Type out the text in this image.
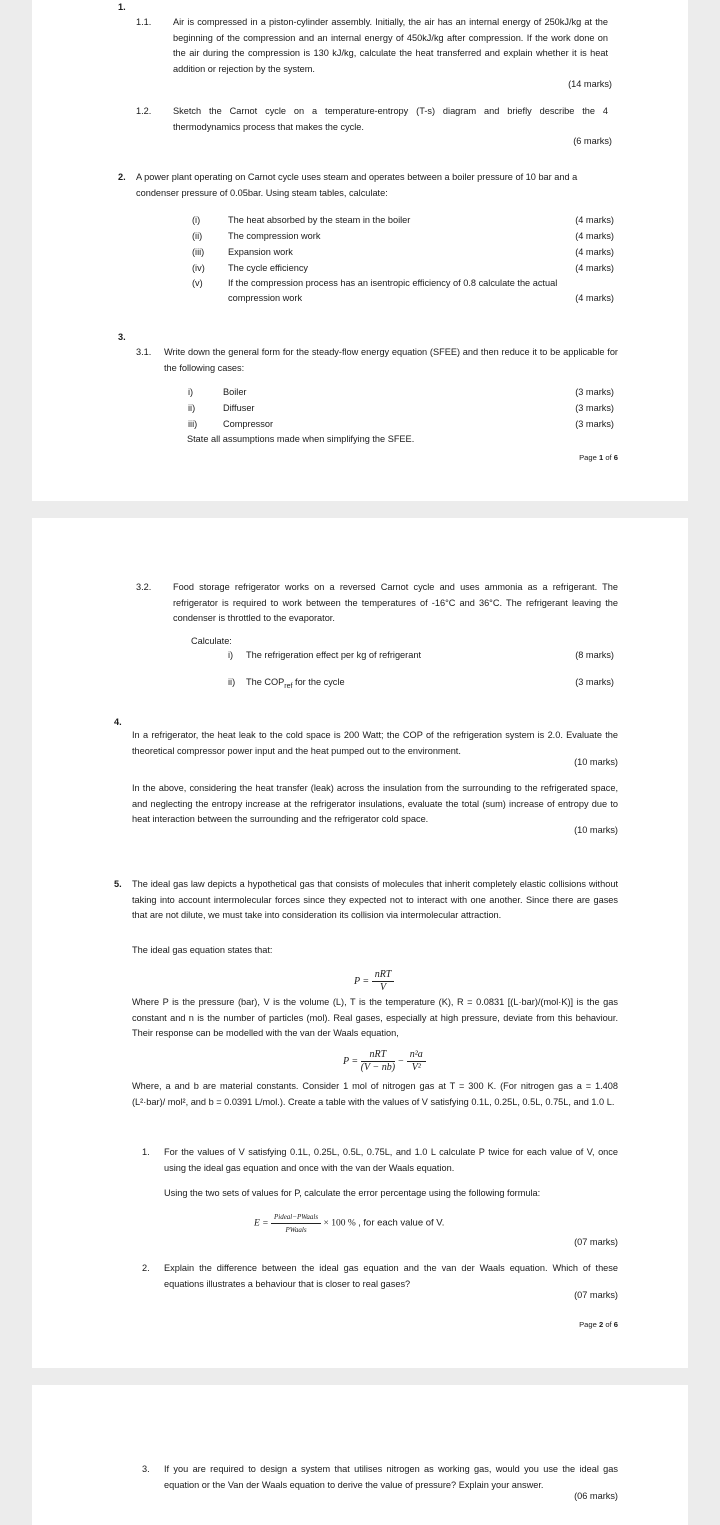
1.
1.1. Air is compressed in a piston-cylinder assembly. Initially, the air has an internal energy of 250kJ/kg at the beginning of the compression and an internal energy of 450kJ/kg after compression. If the work done on the air during the compression is 130 kJ/kg, calculate the heat transferred and explain whether it is heat addition or rejection by the system.
(14 marks)
1.2. Sketch the Carnot cycle on a temperature-entropy (T-s) diagram and briefly describe the 4 thermodynamics process that makes the cycle.
(6 marks)
2. A power plant operating on Carnot cycle uses steam and operates between a boiler pressure of 10 bar and a condenser pressure of 0.05bar. Using steam tables, calculate:
(i)	The heat absorbed by the steam in the boiler	(4 marks)
(ii)	The compression work	(4 marks)
(iii)	Expansion work	(4 marks)
(iv)	The cycle efficiency	(4 marks)
(v)	If the compression process has an isentropic efficiency of 0.8 calculate the actual
compression work	(4 marks)
3.
3.1. Write down the general form for the steady-flow energy equation (SFEE) and then reduce it to be applicable for the following cases:
i)	Boiler	(3 marks)
ii)	Diffuser	(3 marks)
iii)	Compressor	(3 marks)
State all assumptions made when simplifying the SFEE.
Page 1 of 6
3.2. Food storage refrigerator works on a reversed Carnot cycle and uses ammonia as a refrigerant. The refrigerator is required to work between the temperatures of -16°C and 36°C. The refrigerant leaving the condenser is throttled to the evaporator.
Calculate:
i) The refrigeration effect per kg of refrigerant	(8 marks)
ii) The $COP_{ref}$ for the cycle	(3 marks)
4.
In a refrigerator, the heat leak to the cold space is 200 Watt; the COP of the refrigeration system is 2.0. Evaluate the theoretical compressor power input and the heat pumped out to the environment.
(10 marks)
In the above, considering the heat transfer (leak) across the insulation from the surrounding to the refrigerated space, and neglecting the entropy increase at the refrigerator insulations, evaluate the total (sum) increase of entropy due to heat interaction between the surrounding and the refrigerator cold space.
(10 marks)
5. The ideal gas law depicts a hypothetical gas that consists of molecules that inherit completely elastic collisions without taking into account intermolecular forces since they expected not to interact with one another. Since there are gases that are not dilute, we must take into consideration its collision via intermolecular attraction.
The ideal gas equation states that:
$P = \frac{\text{nRT}}{V}$
Where P is the pressure (bar), V is the volume (L), T is the temperature (K), R = 0.0831 [(L·bar)/(mol·K)] is the gas constant and n is the number of particles (mol). Real gases, especially at high pressure, deviate from this behaviour. Their response can be modelled with the van der Waals equation,
$P = \frac{\text{nRT}}{(V - nb)} - \frac{\text{n²a}}{\text{V²}}$
Where, a and b are material constants. Consider 1 mol of nitrogen gas at T = 300 K. (For nitrogen gas a = 1.408 (L²·bar)/ mol², and b = 0.0391 L/mol.). Create a table with the values of V satisfying 0.1L, 0.25L, 0.5L, 0.75L, and 1.0 L.
1. For the values of V satisfying 0.1L, 0.25L, 0.5L, 0.75L, and 1.0 L calculate P twice for each value of V, once using the ideal gas equation and once with the van der Waals equation.
Using the two sets of values for P, calculate the error percentage using the following formula:
$E = \frac{\text{Pideal−PWaals}}{\text{PWaals}} \times 100$ % , for each value of V.
(07 marks)
2. Explain the difference between the ideal gas equation and the van der Waals equation. Which of these equations illustrates a behaviour that is closer to real gases?
(07 marks)
Page 2 of 6
3. If you are required to design a system that utilises nitrogen as working gas, would you use the ideal gas equation or the Van der Waals equation to derive the value of pressure? Explain your answer.
(06 marks)
